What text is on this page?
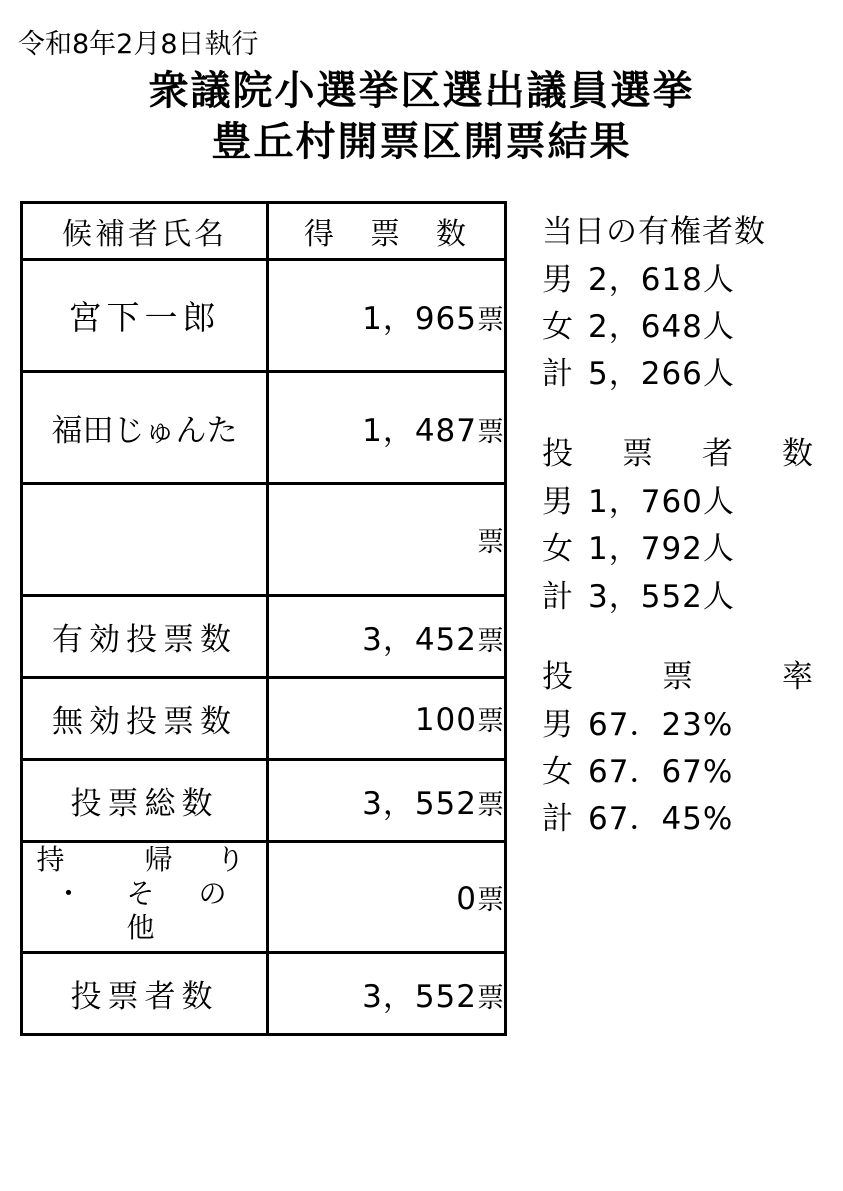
令和8年2月8日執行
衆議院小選挙区選出議員選挙
豊丘村開票区開票結果
候補者氏名	得　票　数
宮下一郎	1，965票
福田じゅんた	1，487票
	票
有効投票数	3，452票
無効投票数	100票
投票総数	3，552票

持　　帰　り
・　そ　の　他	0票
投票者数	3，552票
当日の有権者数
男 2，618人
女 2，648人
計 5，266人
投　票　者　数
男 1，760人
女 1，792人
計 3，552人
投　　票　　率
男 67．23%
女 67．67%
計 67．45%
